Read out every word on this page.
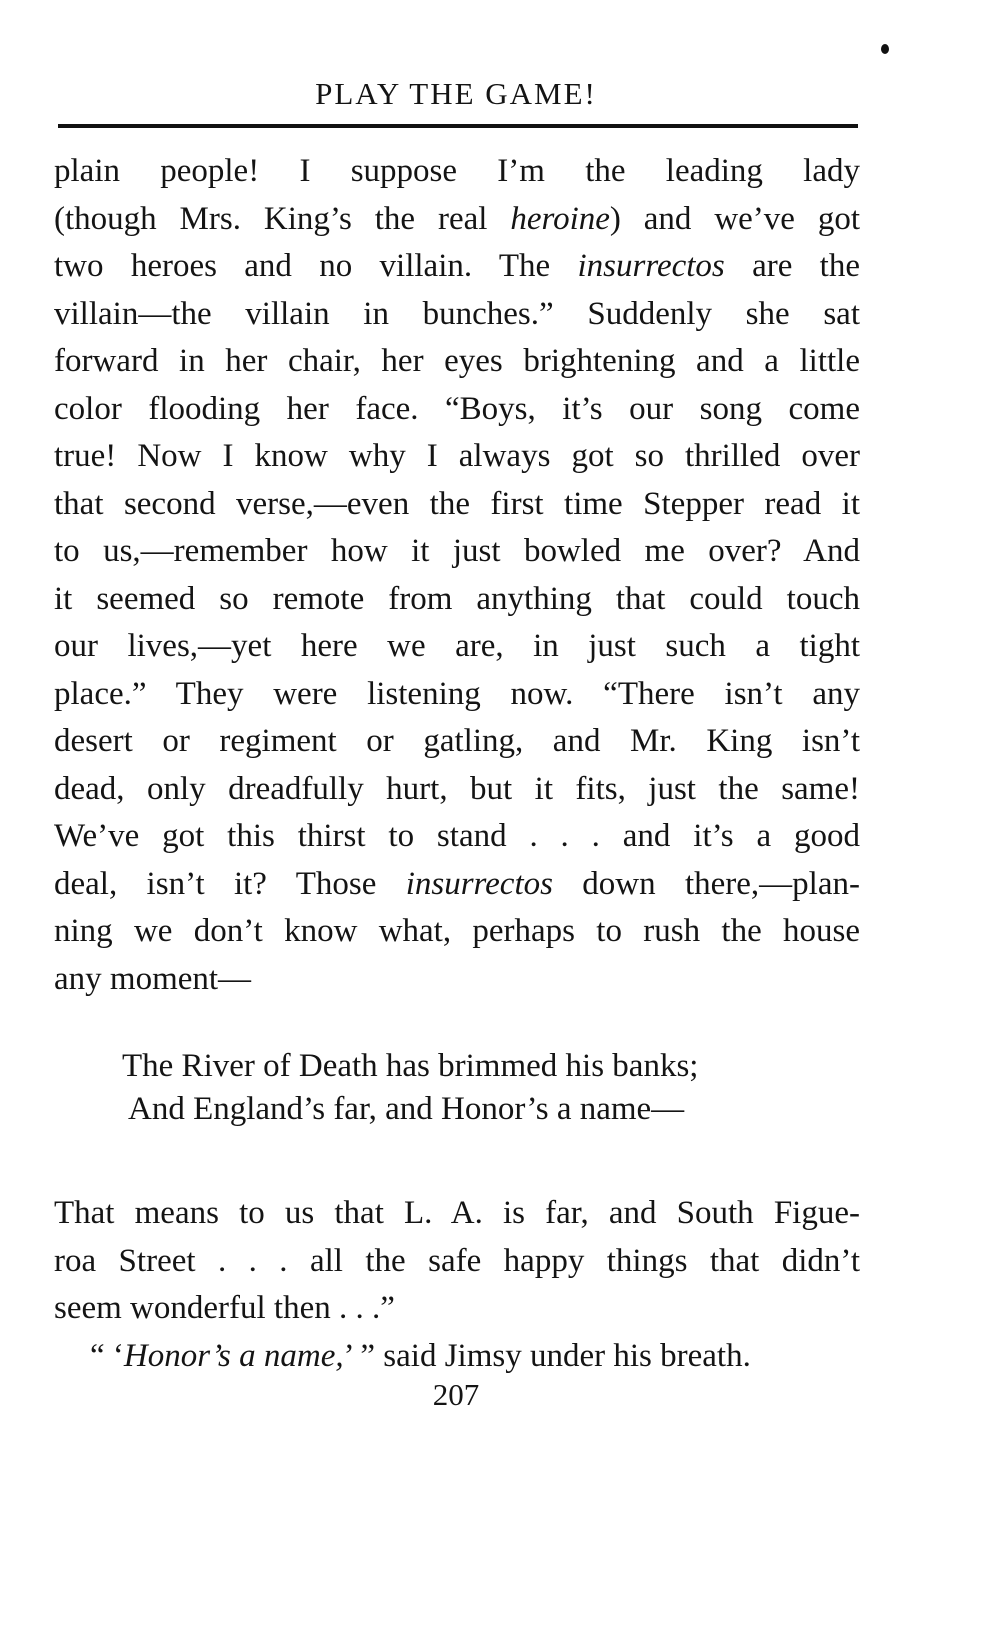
PLAY THE GAME!
plain people! I suppose I’m the leading lady
(though Mrs. King’s the real heroine) and we’ve got
two heroes and no villain. The insurrectos are the
villain—the villain in bunches.” Suddenly she sat
forward in her chair, her eyes brightening and a little
color flooding her face. “Boys, it’s our song come
true! Now I know why I always got so thrilled over
that second verse,—even the first time Stepper read it
to us,—remember how it just bowled me over? And
it seemed so remote from anything that could touch
our lives,—yet here we are, in just such a tight
place.” They were listening now. “There isn’t any
desert or regiment or gatling, and Mr. King isn’t
dead, only dreadfully hurt, but it fits, just the same!
We’ve got this thirst to stand . . . and it’s a good
deal, isn’t it? Those insurrectos down there,—plan-
ning we don’t know what, perhaps to rush the house
any moment—
The River of Death has brimmed his banks;
And England’s far, and Honor’s a name—
That means to us that L. A. is far, and South Figue-
roa Street . . . all the safe happy things that didn’t
seem wonderful then . . .”
“ ‘Honor’s a name,’ ” said Jimsy under his breath.
207
